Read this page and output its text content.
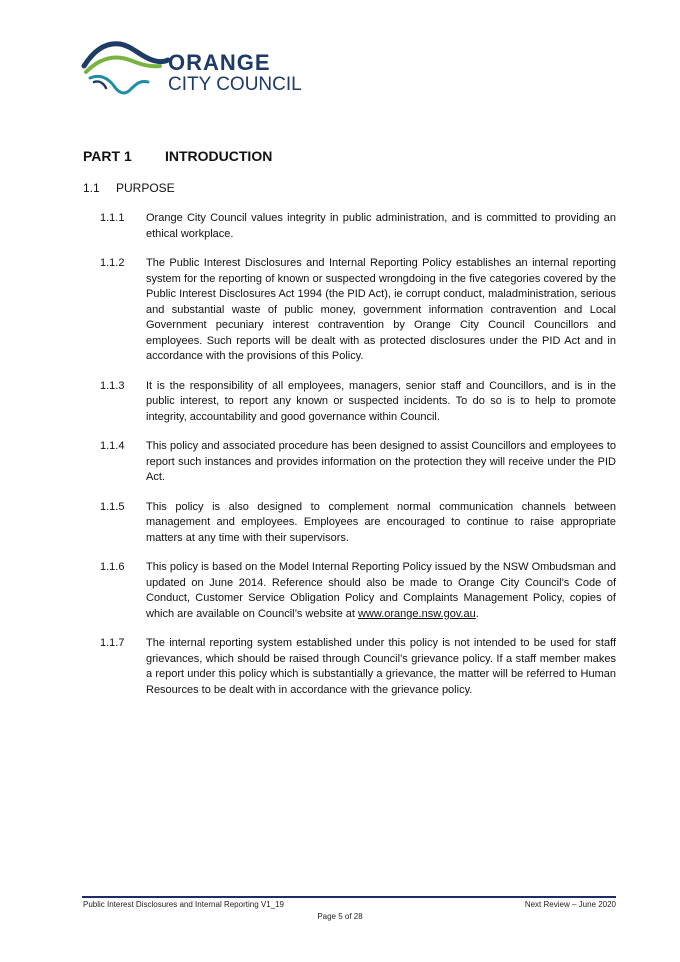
ORANGE
CITY COUNCIL
PART 1 INTRODUCTION
1.1 PURPOSE
1.1.1	Orange City Council values integrity in public administration, and is committed to providing an ethical workplace.
1.1.2	The Public Interest Disclosures and Internal Reporting Policy establishes an internal reporting system for the reporting of known or suspected wrongdoing in the five categories covered by the Public Interest Disclosures Act 1994 (the PID Act), ie corrupt conduct, maladministration, serious and substantial waste of public money, government information contravention and Local Government pecuniary interest contravention by Orange City Council Councillors and employees. Such reports will be dealt with as protected disclosures under the PID Act and in accordance with the provisions of this Policy.
1.1.3	It is the responsibility of all employees, managers, senior staff and Councillors, and is in the public interest, to report any known or suspected incidents. To do so is to help to promote integrity, accountability and good governance within Council.
1.1.4	This policy and associated procedure has been designed to assist Councillors and employees to report such instances and provides information on the protection they will receive under the PID Act.
1.1.5	This policy is also designed to complement normal communication channels between management and employees. Employees are encouraged to continue to raise appropriate matters at any time with their supervisors.
1.1.6	This policy is based on the Model Internal Reporting Policy issued by the NSW Ombudsman and updated on June 2014. Reference should also be made to Orange City Council’s Code of Conduct, Customer Service Obligation Policy and Complaints Management Policy, copies of which are available on Council’s website at www.orange.nsw.gov.au.
1.1.7	The internal reporting system established under this policy is not intended to be used for staff grievances, which should be raised through Council’s grievance policy. If a staff member makes a report under this policy which is substantially a grievance, the matter will be referred to Human Resources to be dealt with in accordance with the grievance policy.
Public Interest Disclosures and Internal Reporting V1_19	Next Review – June 2020
Page 5 of 28
